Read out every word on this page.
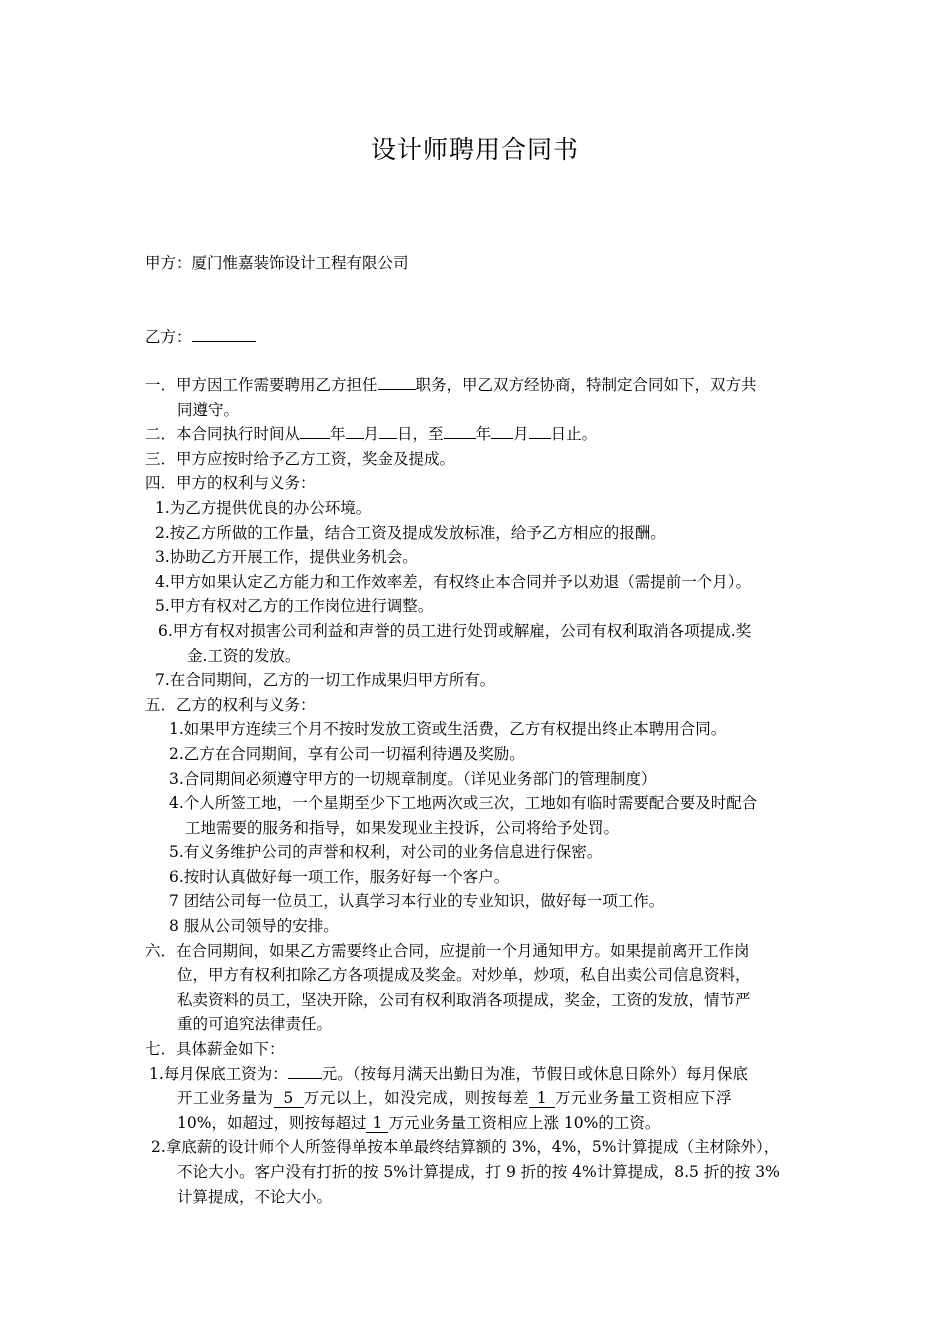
设计师聘用合同书
甲方：厦门惟嘉装饰设计工程有限公司
乙方：

一．甲方因工作需要聘用乙方担任 职务，甲乙双方经协商，特制定合同如下，双方共

同遵守。

二．本合同执行时间从 年 月 日，至 年 月 日止。

三．甲方应按时给予乙方工资，奖金及提成。

四．甲方的权利与义务：

1.为乙方提供优良的办公环境。

2.按乙方所做的工作量，结合工资及提成发放标准，给予乙方相应的报酬。

3.协助乙方开展工作，提供业务机会。

4.甲方如果认定乙方能力和工作效率差，有权终止本合同并予以劝退（需提前一个月）。

5.甲方有权对乙方的工作岗位进行调整。

6.甲方有权对损害公司利益和声誉的员工进行处罚或解雇，公司有权利取消各项提成.奖

金.工资的发放。

7.在合同期间，乙方的一切工作成果归甲方所有。

五．乙方的权利与义务：

1.如果甲方连续三个月不按时发放工资或生活费，乙方有权提出终止本聘用合同。

2.乙方在合同期间，享有公司一切福利待遇及奖励。

3.合同期间必须遵守甲方的一切规章制度。（详见业务部门的管理制度）

4.个人所签工地，一个星期至少下工地两次或三次，工地如有临时需要配合要及时配合

工地需要的服务和指导，如果发现业主投诉，公司将给予处罚。

5.有义务维护公司的声誉和权利，对公司的业务信息进行保密。

6.按时认真做好每一项工作，服务好每一个客户。

7 团结公司每一位员工，认真学习本行业的专业知识，做好每一项工作。

8 服从公司领导的安排。

六．在合同期间，如果乙方需要终止合同，应提前一个月通知甲方。如果提前离开工作岗

位，甲方有权利扣除乙方各项提成及奖金。对炒单，炒项，私自出卖公司信息资料，

私卖资料的员工，坚决开除，公司有权利取消各项提成，奖金，工资的发放，情节严

重的可追究法律责任。

七．具体薪金如下：

1.每月保底工资为： 元。（按每月满天出勤日为准，节假日或休息日除外）每月保底

开工业务量为 5 万元以上，如没完成，则按每差 1 万元业务量工资相应下浮

10%，如超过，则按每超过 1 万元业务量工资相应上涨 10%的工资。

2.拿底薪的设计师个人所签得单按本单最终结算额的 3%，4%，5%计算提成（主材除外），

不论大小。客户没有打折的按 5%计算提成，打 9 折的按 4%计算提成，8.5 折的按 3%

计算提成，不论大小。
